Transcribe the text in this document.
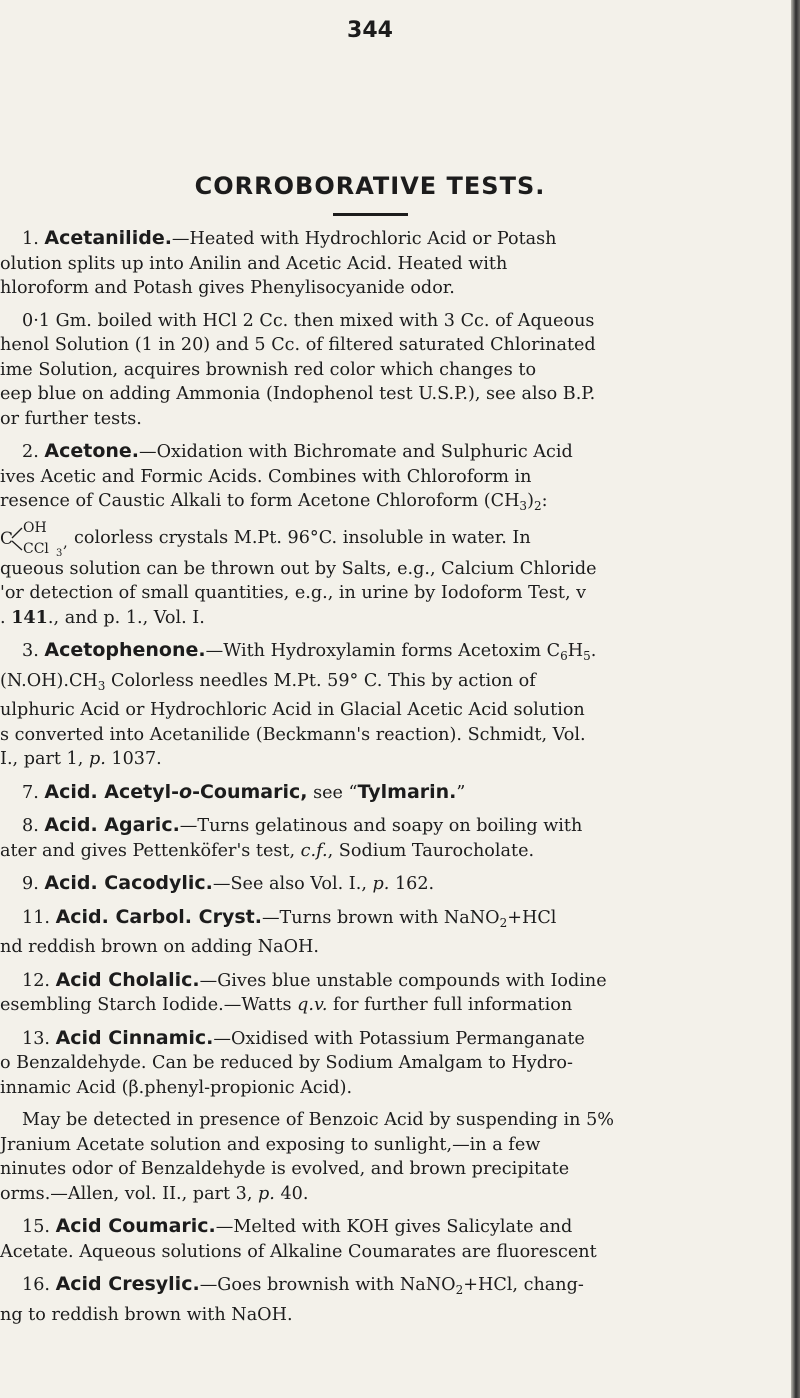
344
CORROBORATIVE TESTS.
1. Acetanilide.—Heated with Hydrochloric Acid or Potash
olution splits up into Anilin and Acetic Acid. Heated with
hloroform and Potash gives Phenylisocyanide odor.
0·1 Gm. boiled with HCl 2 Cc. then mixed with 3 Cc. of Aqueous
henol Solution (1 in 20) and 5 Cc. of filtered saturated Chlorinated
ime Solution, acquires brownish red color which changes to
eep blue on adding Ammonia (Indophenol test U.S.P.), see also B.P.
or further tests.
2. Acetone.—Oxidation with Bichromate and Sulphuric Acid
ives Acetic and Formic Acids. Combines with Chloroform in
resence of Caustic Alkali to form Acetone Chloroform $(CH_3)_2$:
C
OH
CCl 3
, colorless crystals M.Pt. 96°C. insoluble in water. In
queous solution can be thrown out by Salts, e.g., Calcium Chloride
'or detection of small quantities, e.g., in urine by Iodoform Test, v
. 141., and p. 1., Vol. I.
3. Acetophenone.—With Hydroxylamin forms Acetoxim $C_6H_5$.
$(N.OH).CH_3$ Colorless needles M.Pt. 59° C. This by action of
ulphuric Acid or Hydrochloric Acid in Glacial Acetic Acid solution
s converted into Acetanilide (Beckmann's reaction). Schmidt, Vol.
I., part 1, p. 1037.
7. Acid. Acetyl-o-Coumaric, see “Tylmarin.”
8. Acid. Agaric.—Turns gelatinous and soapy on boiling with
ater and gives Pettenköfer's test, c.f., Sodium Taurocholate.
9. Acid. Cacodylic.—See also Vol. I., p. 162.
11. Acid. Carbol. Cryst.—Turns brown with NaNO$_2$+HCl
nd reddish brown on adding NaOH.
12. Acid Cholalic.—Gives blue unstable compounds with Iodine
esembling Starch Iodide.—Watts q.v. for further full information
13. Acid Cinnamic.—Oxidised with Potassium Permanganate
o Benzaldehyde. Can be reduced by Sodium Amalgam to Hydro-
innamic Acid (β.phenyl-propionic Acid).
May be detected in presence of Benzoic Acid by suspending in 5%
Jranium Acetate solution and exposing to sunlight,—in a few
ninutes odor of Benzaldehyde is evolved, and brown precipitate
orms.—Allen, vol. II., part 3, p. 40.
15. Acid Coumaric.—Melted with KOH gives Salicylate and
Acetate. Aqueous solutions of Alkaline Coumarates are fluorescent
16. Acid Cresylic.—Goes brownish with NaNO$_2$+HCl, chang-
ng to reddish brown with NaOH.
